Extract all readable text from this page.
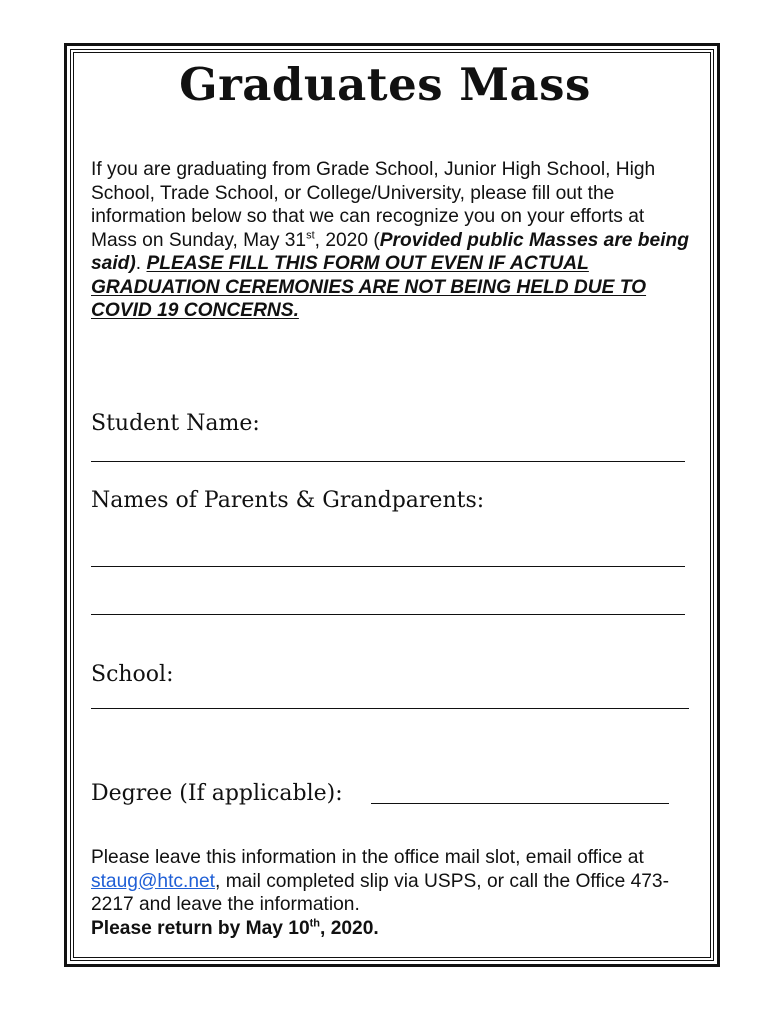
Graduates Mass
If you are graduating from Grade School, Junior High School, High School, Trade School, or College/University, please fill out the information below so that we can recognize you on your efforts at Mass on Sunday, May 31st, 2020 (Provided public Masses are being said). PLEASE FILL THIS FORM OUT EVEN IF ACTUAL GRADUATION CEREMONIES ARE NOT BEING HELD DUE TO COVID 19 CONCERNS.
Student Name:
Names of Parents & Grandparents:
School:
Degree (If applicable):
Please leave this information in the office mail slot, email office at staug@htc.net, mail completed slip via USPS, or call the Office 473-2217 and leave the information.
Please return by May 10th, 2020.
